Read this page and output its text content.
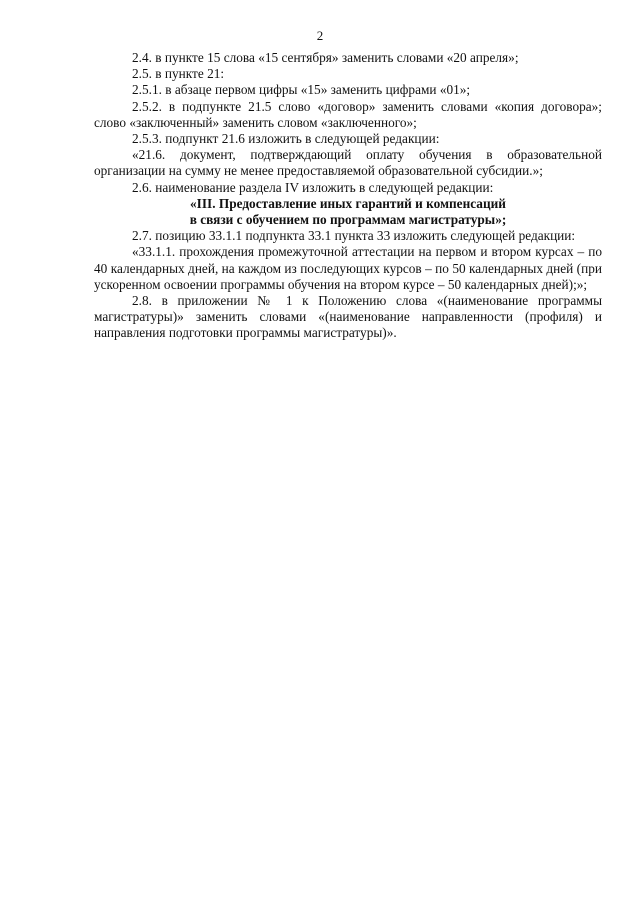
2

2.4. в пункте 15 слова «15 сентября» заменить словами «20 апреля»;

2.5. в пункте 21:

2.5.1. в абзаце первом цифры «15» заменить цифрами «01»;

2.5.2. в подпункте 21.5 слово «договор» заменить словами «копия договора»; слово «заключенный» заменить словом «заключенного»;

2.5.3. подпункт 21.6 изложить в следующей редакции:

«21.6. документ, подтверждающий оплату обучения в образовательной организации на сумму не менее предоставляемой образовательной субсидии.»;

2.6. наименование раздела IV изложить в следующей редакции:

«III. Предоставление иных гарантий и компенсаций

в связи с обучением по программам магистратуры»;

2.7. позицию 33.1.1 подпункта 33.1 пункта 33 изложить следующей редакции:

«33.1.1. прохождения промежуточной аттестации на первом и втором курсах – по 40 календарных дней, на каждом из последующих курсов – по 50 календарных дней (при ускоренном освоении программы обучения на втором курсе – 50 календарных дней);»;

2.8. в приложении № 1 к Положению слова «(наименование программы магистратуры)» заменить словами «(наименование направленности (профиля) и направления подготовки программы магистратуры)».
